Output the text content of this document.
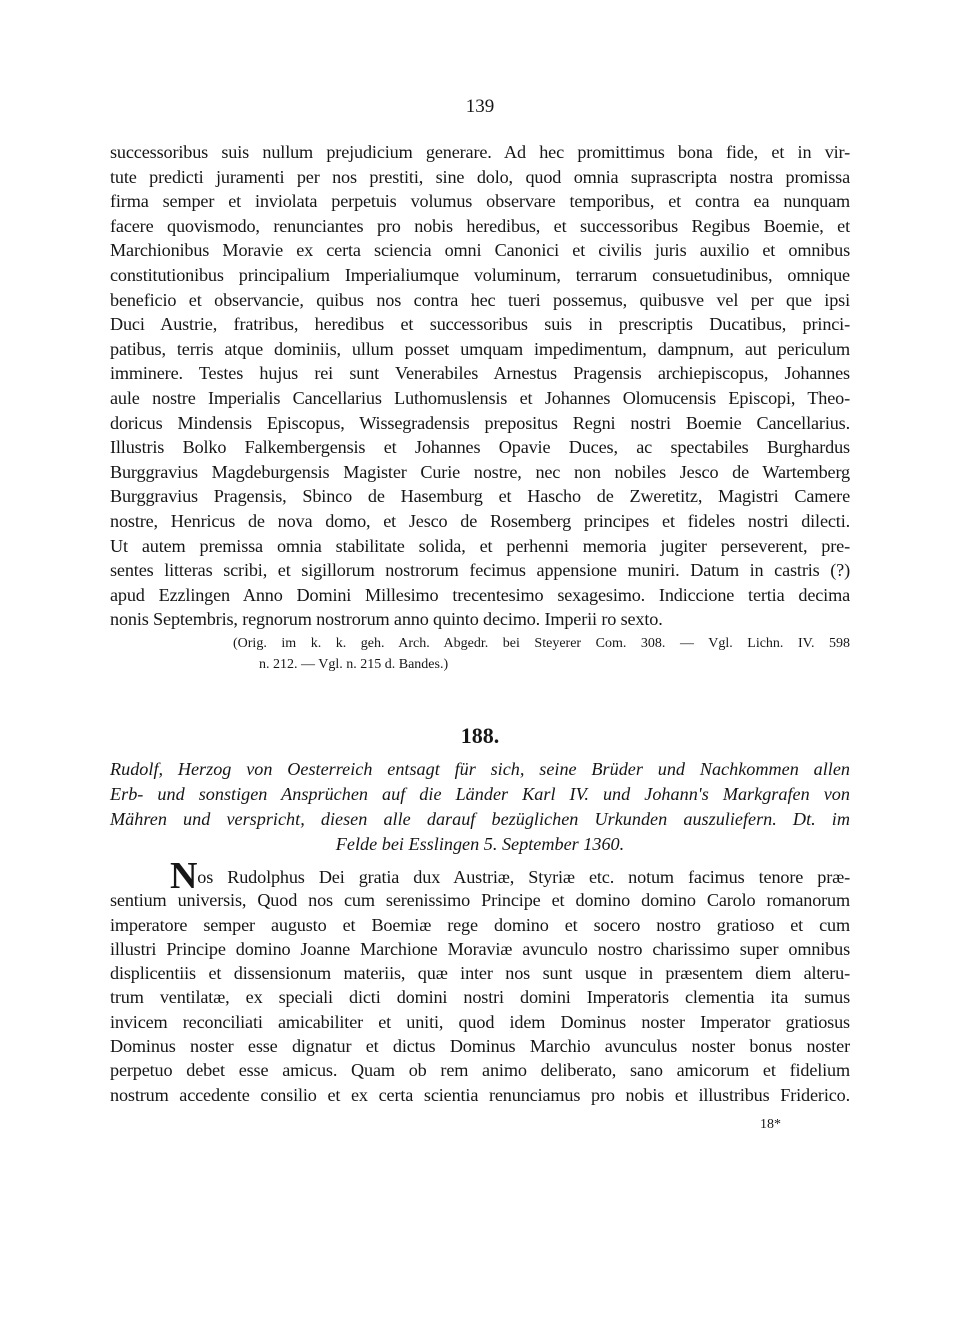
139
successoribus suis nullum prejudicium generare. Ad hec promittimus bona fide, et in vir-
tute predicti juramenti per nos prestiti, sine dolo, quod omnia suprascripta nostra promissa
firma semper et inviolata perpetuis volumus observare temporibus, et contra ea nunquam
facere quovismodo, renunciantes pro nobis heredibus, et successoribus Regibus Boemie, et
Marchionibus Moravie ex certa sciencia omni Canonici et civilis juris auxilio et omnibus
constitutionibus principalium Imperialiumque voluminum, terrarum consuetudinibus, omnique
beneficio et observancie, quibus nos contra hec tueri possemus, quibusve vel per que ipsi
Duci Austrie, fratribus, heredibus et successoribus suis in prescriptis Ducatibus, princi-
patibus, terris atque dominiis, ullum posset umquam impedimentum, dampnum, aut periculum
imminere. Testes hujus rei sunt Venerabiles Arnestus Pragensis archiepiscopus, Johannes
aule nostre Imperialis Cancellarius Luthomuslensis et Johannes Olomucensis Episcopi, Theo-
doricus Mindensis Episcopus, Wissegradensis prepositus Regni nostri Boemie Cancellarius.
Illustris Bolko Falkembergensis et Johannes Opavie Duces, ac spectabiles Burghardus
Burggravius Magdeburgensis Magister Curie nostre, nec non nobiles Jesco de Wartemberg
Burggravius Pragensis, Sbinco de Hasemburg et Hascho de Zweretitz, Magistri Camere
nostre, Henricus de nova domo, et Jesco de Rosemberg principes et fideles nostri dilecti.
Ut autem premissa omnia stabilitate solida, et perhenni memoria jugiter perseverent, pre-
sentes litteras scribi, et sigillorum nostrorum fecimus appensione muniri. Datum in castris (?)
apud Ezzlingen Anno Domini Millesimo trecentesimo sexagesimo. Indiccione tertia decima
nonis Septembris, regnorum nostrorum anno quinto decimo. Imperii ro sexto.
(Orig. im k. k. geh. Arch. Abgedr. bei Steyerer Com. 308. — Vgl. Lichn. IV. 598
n. 212. — Vgl. n. 215 d. Bandes.)
188.
Rudolf, Herzog von Oesterreich entsagt für sich, seine Brüder und Nachkommen allen
Erb- und sonstigen Ansprüchen auf die Länder Karl IV. und Johann's Markgrafen von
Mähren und verspricht, diesen alle darauf bezüglichen Urkunden auszuliefern. Dt. im
Felde bei Esslingen 5. September 1360.
Nos Rudolphus Dei gratia dux Austriæ, Styriæ etc. notum facimus tenore præ-
sentium universis, Quod nos cum serenissimo Principe et domino domino Carolo romanorum
imperatore semper augusto et Boemiæ rege domino et socero nostro gratioso et cum
illustri Principe domino Joanne Marchione Moraviæ avunculo nostro charissimo super omnibus
displicentiis et dissensionum materiis, quæ inter nos sunt usque in præsentem diem alteru-
trum ventilatæ, ex speciali dicti domini nostri domini Imperatoris clementia ita sumus
invicem reconciliati amicabiliter et uniti, quod idem Dominus noster Imperator gratiosus
Dominus noster esse dignatur et dictus Dominus Marchio avunculus noster bonus noster
perpetuo debet esse amicus. Quam ob rem animo deliberato, sano amicorum et fidelium
nostrum accedente consilio et ex certa scientia renunciamus pro nobis et illustribus Friderico.
18*
